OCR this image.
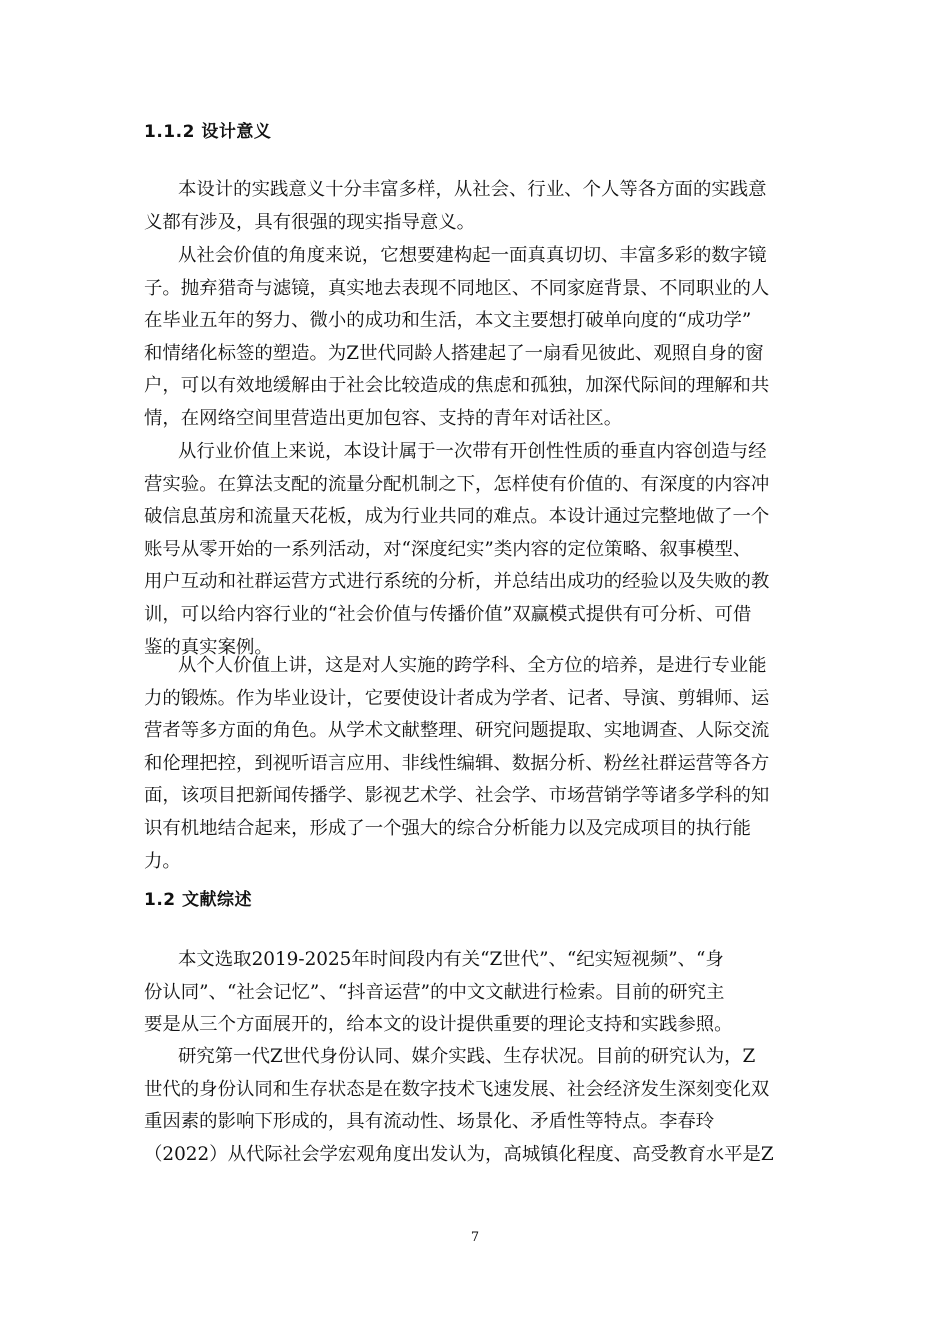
1.1.2 设计意义
本设计的实践意义十分丰富多样，从社会、行业、个人等各方面的实践意
义都有涉及，具有很强的现实指导意义。
从社会价值的角度来说，它想要建构起一面真真切切、丰富多彩的数字镜
子。抛弃猎奇与滤镜，真实地去表现不同地区、不同家庭背景、不同职业的人
在毕业五年的努力、微小的成功和生活，本文主要想打破单向度的“成功学”
和情绪化标签的塑造。为Z世代同龄人搭建起了一扇看见彼此、观照自身的窗
户，可以有效地缓解由于社会比较造成的焦虑和孤独，加深代际间的理解和共
情，在网络空间里营造出更加包容、支持的青年对话社区。
从行业价值上来说，本设计属于一次带有开创性性质的垂直内容创造与经
营实验。在算法支配的流量分配机制之下，怎样使有价值的、有深度的内容冲
破信息茧房和流量天花板，成为行业共同的难点。本设计通过完整地做了一个
账号从零开始的一系列活动，对“深度纪实”类内容的定位策略、叙事模型、
用户互动和社群运营方式进行系统的分析，并总结出成功的经验以及失败的教
训，可以给内容行业的“社会价值与传播价值”双赢模式提供有可分析、可借
鉴的真实案例。
从个人价值上讲，这是对人实施的跨学科、全方位的培养，是进行专业能
力的锻炼。作为毕业设计，它要使设计者成为学者、记者、导演、剪辑师、运
营者等多方面的角色。从学术文献整理、研究问题提取、实地调查、人际交流
和伦理把控，到视听语言应用、非线性编辑、数据分析、粉丝社群运营等各方
面，该项目把新闻传播学、影视艺术学、社会学、市场营销学等诸多学科的知
识有机地结合起来，形成了一个强大的综合分析能力以及完成项目的执行能
力。
1.2 文献综述
本文选取2019-2025年时间段内有关“Z世代”、“纪实短视频”、“身
份认同”、“社会记忆”、“抖音运营”的中文文献进行检索。目前的研究主
要是从三个方面展开的，给本文的设计提供重要的理论支持和实践参照。
研究第一代Z世代身份认同、媒介实践、生存状况。目前的研究认为，Z
世代的身份认同和生存状态是在数字技术飞速发展、社会经济发生深刻变化双
重因素的影响下形成的，具有流动性、场景化、矛盾性等特点。李春玲
（2022）从代际社会学宏观角度出发认为，高城镇化程度、高受教育水平是Z
7
